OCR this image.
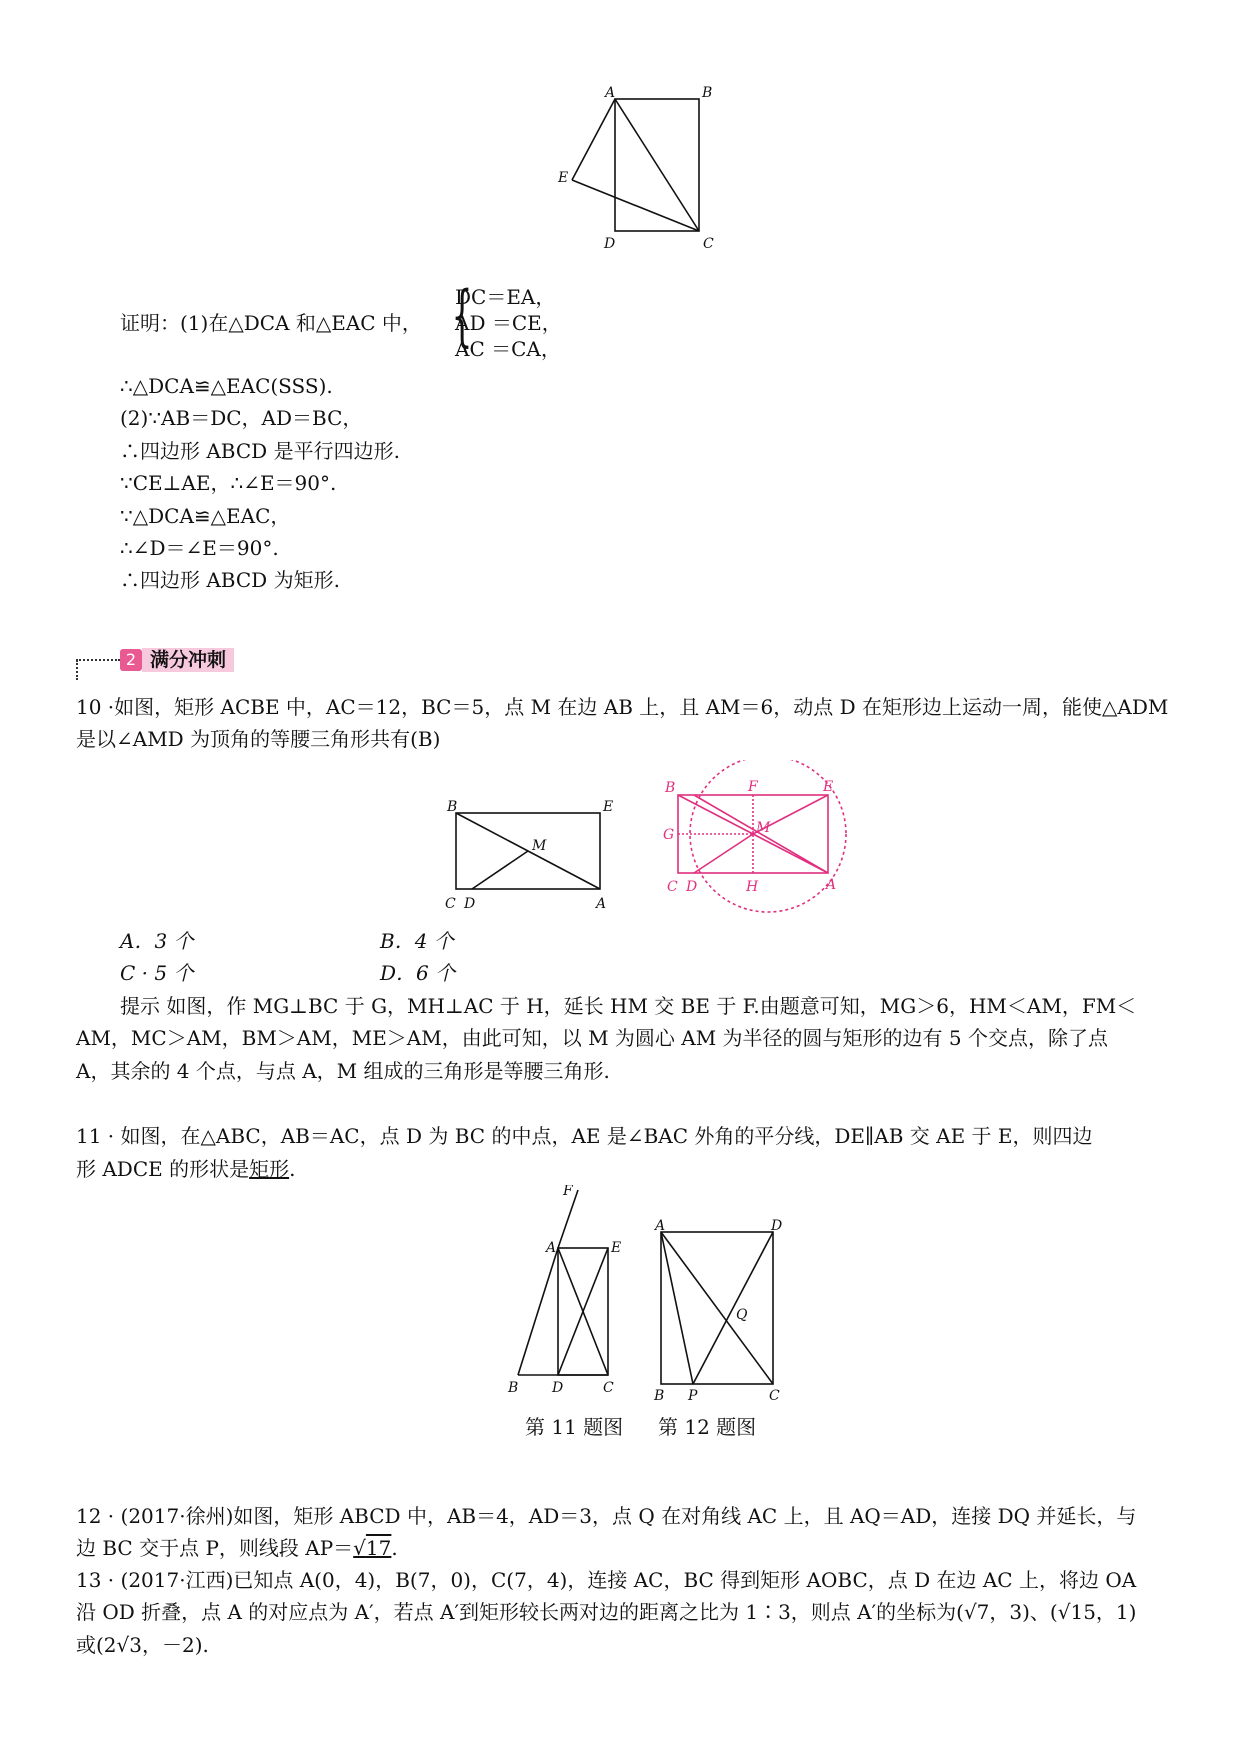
A	B
E
D	C
证明：(1)在△DCA 和△EAC 中， {
DC＝EA，
AD ＝CE，
AC ＝CA，
∴△DCA≌△EAC(SSS).
(2)∵AB＝DC，AD＝BC，
∴四边形 ABCD 是平行四边形.
∵CE⊥AE，∴∠E＝90°.
∵△DCA≌△EAC，
∴∠D＝∠E＝90°.
∴四边形 ABCD 为矩形.
2 满分冲刺
10 ·如图，矩形 ACBE 中，AC＝12，BC＝5，点 M 在边 AB 上，且 AM＝6，动点 D 在矩形边上运动一周，能使△ADM
是以∠AMD 为顶角的等腰三角形共有(B)
B	E
M
C D	A
B	F	E
G	M
C D	H	A
A．3 个	B．4 个
C · 5 个	D．6 个
提示 如图，作 MG⊥BC 于 G，MH⊥AC 于 H，延长 HM 交 BE 于 F.由题意可知，MG＞6，HM＜AM，FM＜
AM，MC＞AM，BM＞AM，ME＞AM，由此可知，以 M 为圆心 AM 为半径的圆与矩形的边有 5 个交点，除了点
A，其余的 4 个点，与点 A，M 组成的三角形是等腰三角形.
11 · 如图，在△ABC，AB＝AC，点 D 为 BC 的中点，AE 是∠BAC 外角的平分线，DE∥AB 交 AE 于 E，则四边
形 ADCE 的形状是矩形.
F
A	E
B D	C
A	D
Q
B P	C
第 11 题图 第 12 题图
12 · (2017·徐州)如图，矩形 ABCD 中，AB＝4，AD＝3，点 Q 在对角线 AC 上，且 AQ＝AD，连接 DQ 并延长，与
边 BC 交于点 P，则线段 AP＝√17.
13 · (2017·江西)已知点 A(0，4)，B(7，0)，C(7，4)，连接 AC，BC 得到矩形 AOBC，点 D 在边 AC 上，将边 OA
沿 OD 折叠，点 A 的对应点为 A′，若点 A′到矩形较长两对边的距离之比为 1∶3，则点 A′的坐标为(√7，3)、(√15，1)
或(2√3，－2).
